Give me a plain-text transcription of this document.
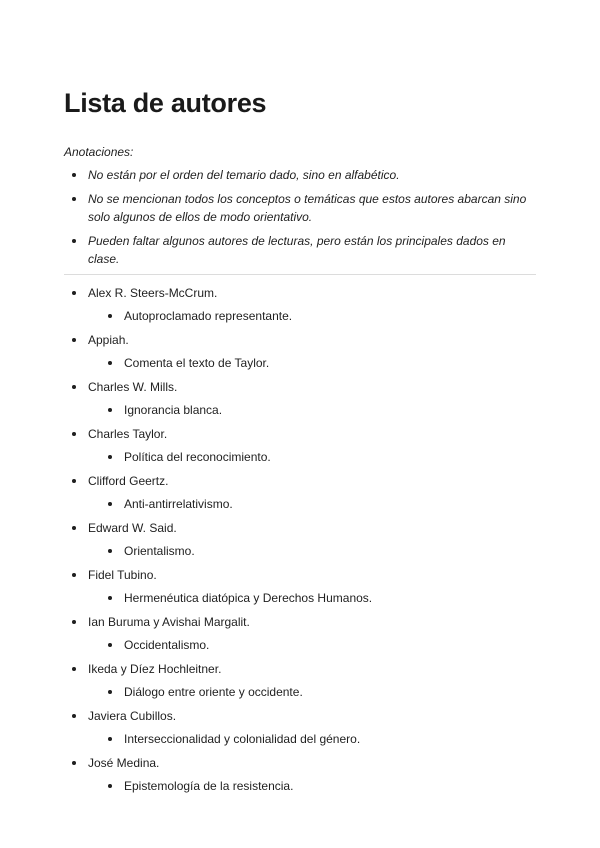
Lista de autores
Anotaciones:
No están por el orden del temario dado, sino en alfabético.
No se mencionan todos los conceptos o temáticas que estos autores abarcan sino solo algunos de ellos de modo orientativo.
Pueden faltar algunos autores de lecturas, pero están los principales dados en clase.
Alex R. Steers-McCrum.
Autoproclamado representante.
Appiah.
Comenta el texto de Taylor.
Charles W. Mills.
Ignorancia blanca.
Charles Taylor.
Política del reconocimiento.
Clifford Geertz.
Anti-antirrelativismo.
Edward W. Said.
Orientalismo.
Fidel Tubino.
Hermenéutica diatópica y Derechos Humanos.
Ian Buruma y Avishai Margalit.
Occidentalismo.
Ikeda y Díez Hochleitner.
Diálogo entre oriente y occidente.
Javiera Cubillos.
Interseccionalidad y colonialidad del género.
José Medina.
Epistemología de la resistencia.
